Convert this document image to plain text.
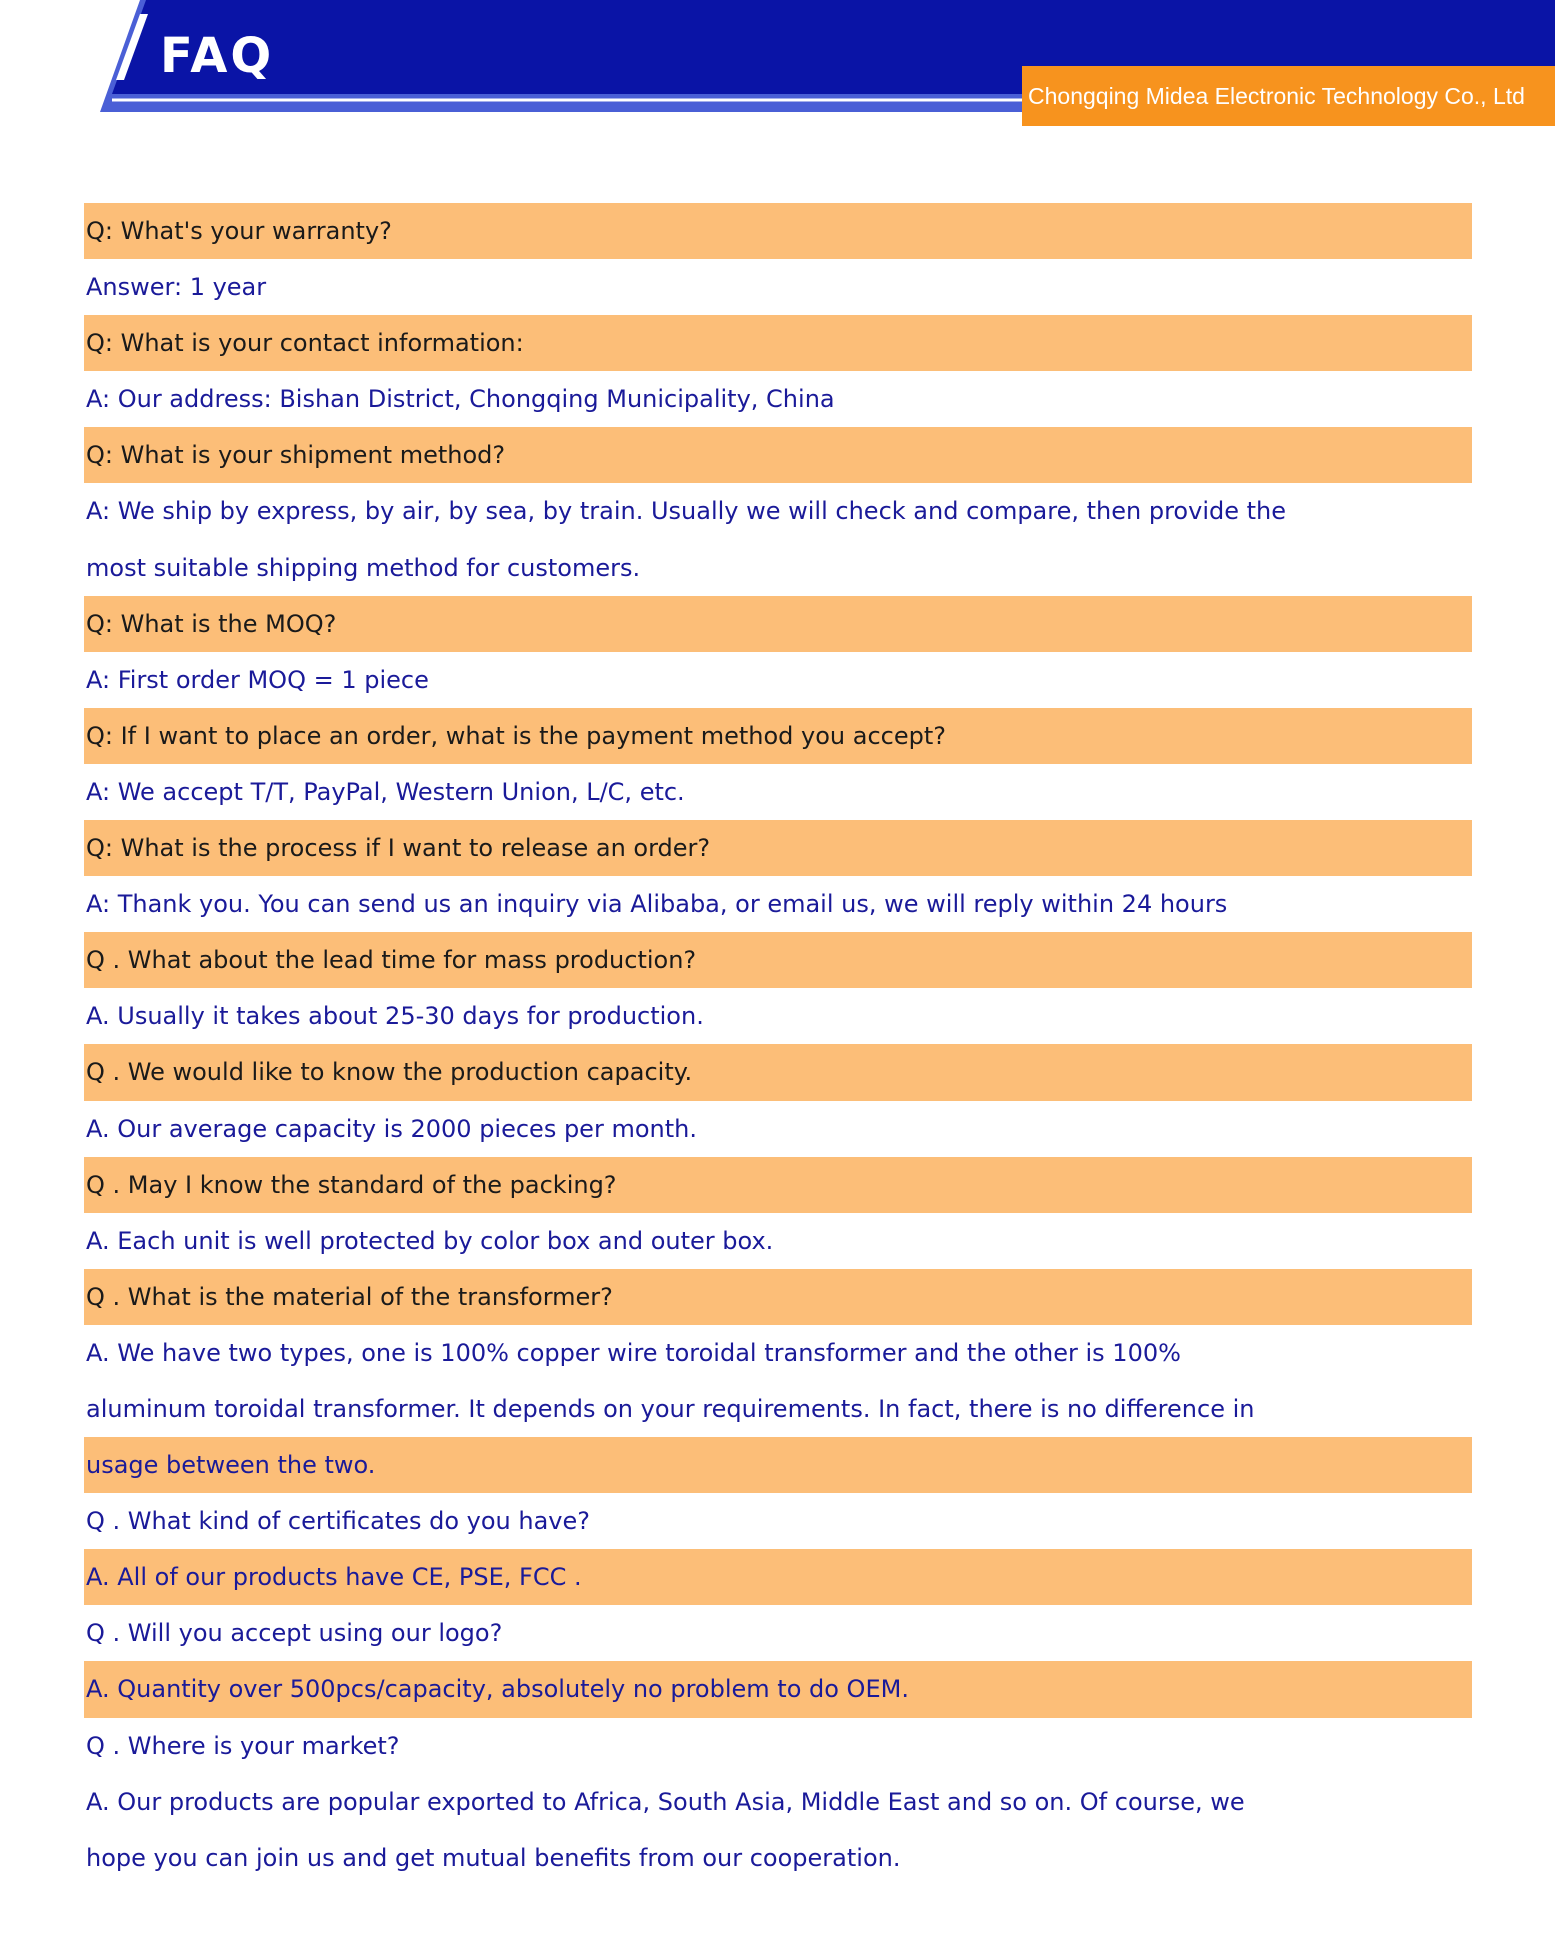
FAQ
Chongqing Midea Electronic Technology Co., Ltd
Q: What's your warranty?
Answer: 1 year
Q: What is your contact information:
A: Our address: Bishan District, Chongqing Municipality, China
Q: What is your shipment method?
A: We ship by express, by air, by sea, by train. Usually we will check and compare, then provide the
most suitable shipping method for customers.
Q: What is the MOQ?
A: First order MOQ = 1 piece
Q: If I want to place an order, what is the payment method you accept?
A: We accept T/T, PayPal, Western Union, L/C, etc.
Q: What is the process if I want to release an order?
A: Thank you. You can send us an inquiry via Alibaba, or email us, we will reply within 24 hours
Q . What about the lead time for mass production?
A. Usually it takes about 25-30 days for production.
Q . We would like to know the production capacity.
A. Our average capacity is 2000 pieces per month.
Q . May I know the standard of the packing?
A. Each unit is well protected by color box and outer box.
Q . What is the material of the transformer?
A. We have two types, one is 100% copper wire toroidal transformer and the other is 100%
aluminum toroidal transformer. It depends on your requirements. In fact, there is no difference in
usage between the two.
Q . What kind of certificates do you have?
A. All of our products have CE, PSE, FCC .
Q . Will you accept using our logo?
A. Quantity over 500pcs/capacity, absolutely no problem to do OEM.
Q . Where is your market?
A. Our products are popular exported to Africa, South Asia, Middle East and so on. Of course, we
hope you can join us and get mutual benefits from our cooperation.
